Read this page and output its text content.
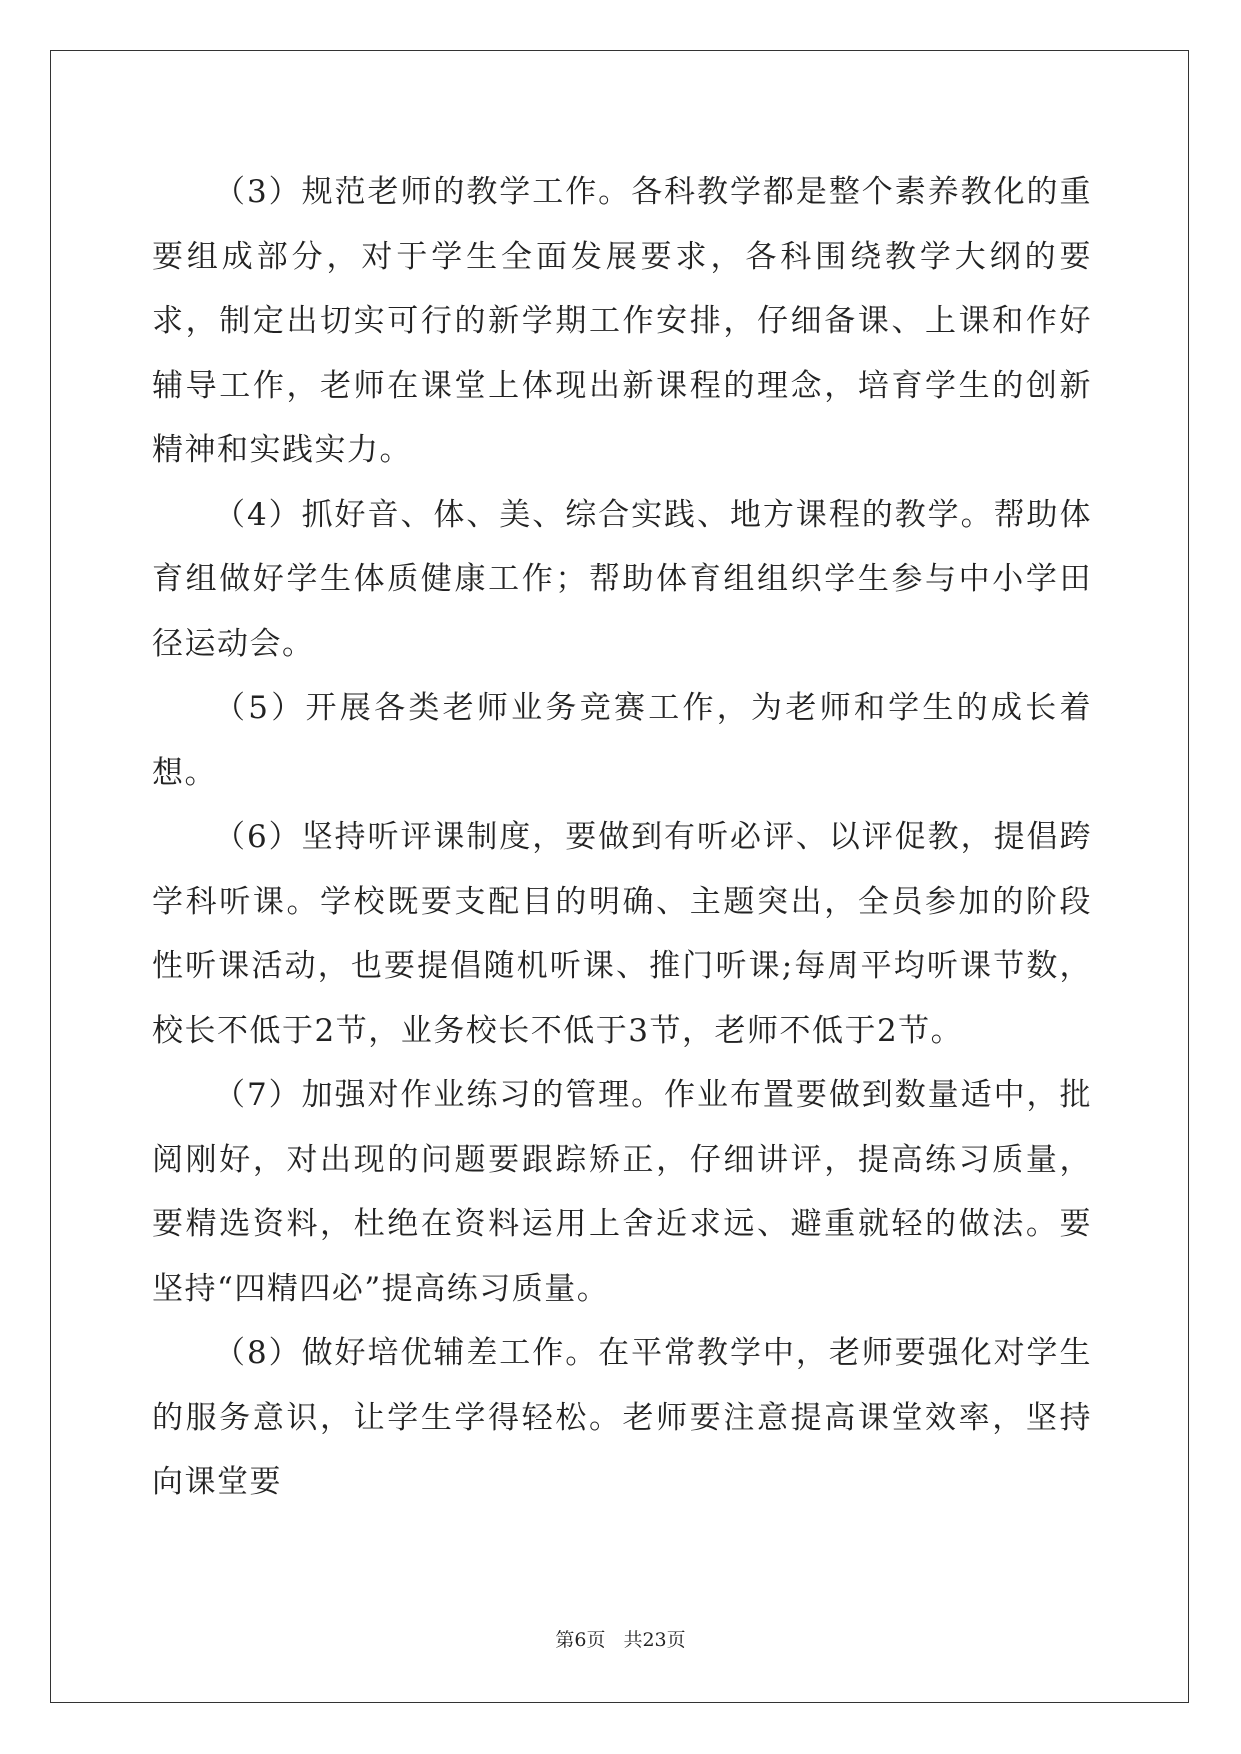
（3）规范老师的教学工作。各科教学都是整个素养教化的重要组成部分，对于学生全面发展要求，各科围绕教学大纲的要求，制定出切实可行的新学期工作安排，仔细备课、上课和作好辅导工作，老师在课堂上体现出新课程的理念，培育学生的创新精神和实践实力。

（4）抓好音、体、美、综合实践、地方课程的教学。帮助体育组做好学生体质健康工作；帮助体育组组织学生参与中小学田径运动会。

（5）开展各类老师业务竞赛工作，为老师和学生的成长着想。

（6）坚持听评课制度，要做到有听必评、以评促教，提倡跨学科听课。学校既要支配目的明确、主题突出，全员参加的阶段性听课活动，也要提倡随机听课、推门听课;每周平均听课节数，校长不低于2节，业务校长不低于3节，老师不低于2节。

（7）加强对作业练习的管理。作业布置要做到数量适中，批阅刚好，对出现的问题要跟踪矫正，仔细讲评，提高练习质量，要精选资料，杜绝在资料运用上舍近求远、避重就轻的做法。要坚持“四精四必”提高练习质量。

（8）做好培优辅差工作。在平常教学中，老师要强化对学生的服务意识，让学生学得轻松。老师要注意提高课堂效率，坚持向课堂要

第6页 共23页
